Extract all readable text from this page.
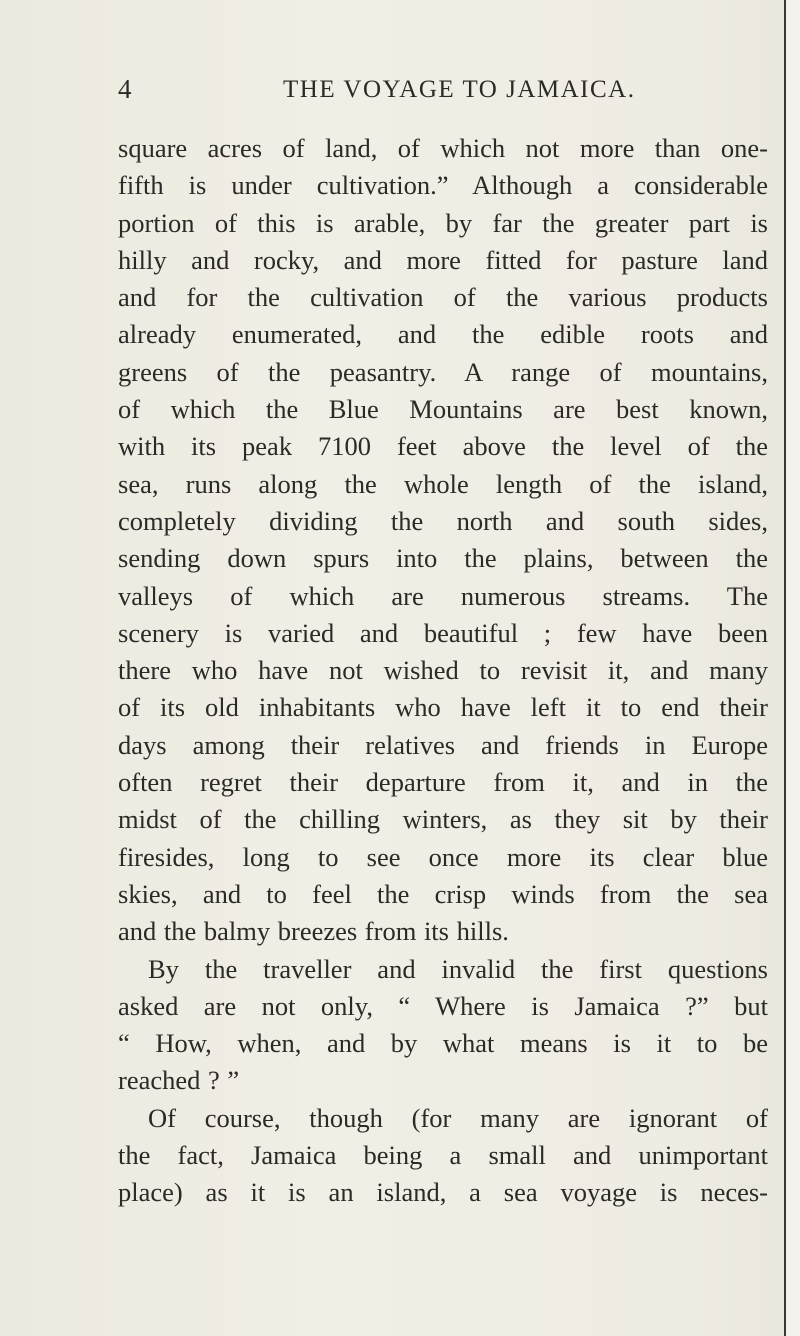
4	THE VOYAGE TO JAMAICA.
square acres of land, of which not more than one-
fifth is under cultivation.” Although a considerable
portion of this is arable, by far the greater part is
hilly and rocky, and more fitted for pasture land
and for the cultivation of the various products
already enumerated, and the edible roots and
greens of the peasantry. A range of mountains,
of which the Blue Mountains are best known,
with its peak 7100 feet above the level of the
sea, runs along the whole length of the island,
completely dividing the north and south sides,
sending down spurs into the plains, between the
valleys of which are numerous streams. The
scenery is varied and beautiful ; few have been
there who have not wished to revisit it, and many
of its old inhabitants who have left it to end their
days among their relatives and friends in Europe
often regret their departure from it, and in the
midst of the chilling winters, as they sit by their
firesides, long to see once more its clear blue
skies, and to feel the crisp winds from the sea
and the balmy breezes from its hills.
By the traveller and invalid the first questions
asked are not only, “ Where is Jamaica ?” but
“ How, when, and by what means is it to be
reached ? ”
Of course, though (for many are ignorant of
the fact, Jamaica being a small and unimportant
place) as it is an island, a sea voyage is neces-
